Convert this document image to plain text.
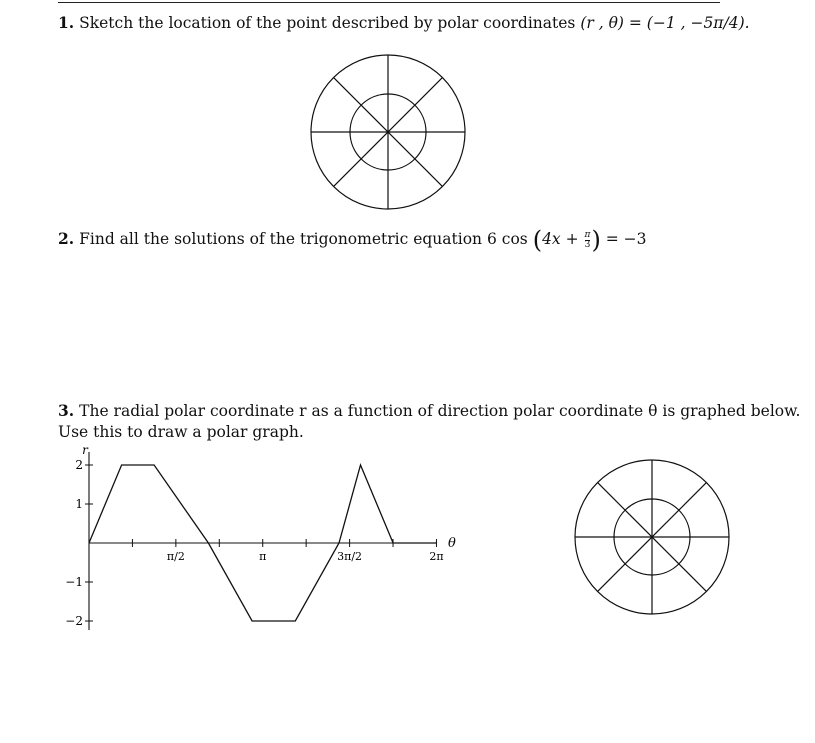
1. Sketch the location of the point described by polar coordinates (r , θ) = (−1 , −5π/4).
2. Find all the solutions of the trigonometric equation 6 $\cos (4x + \frac{\pi}{3}$ ) = −3
3. The radial polar coordinate r as a function of direction polar coordinate θ is graphed below.
Use this to draw a polar graph.
r
θ
π/2	π	3π/2	2π
2
1
−1
−2
